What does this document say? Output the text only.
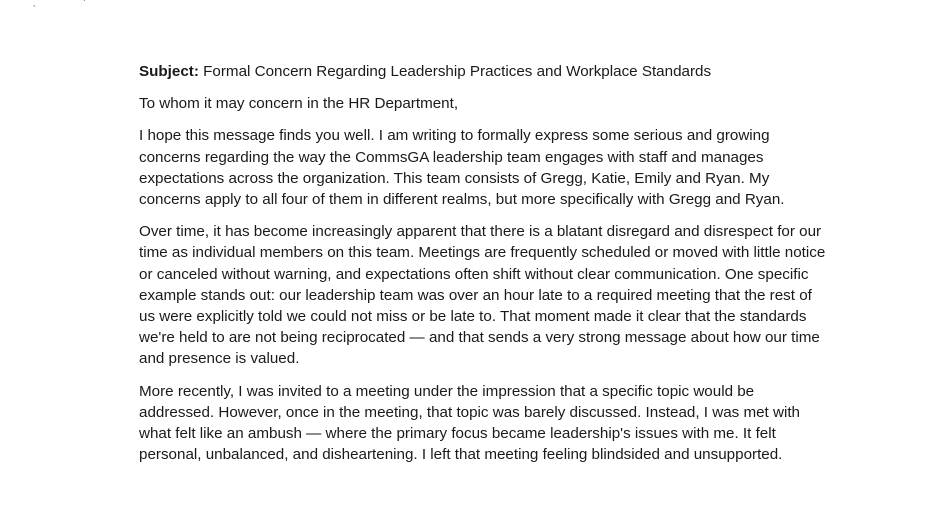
,	`

Subject: Formal Concern Regarding Leadership Practices and Workplace Standards

To whom it may concern in the HR Department,

I hope this message finds you well. I am writing to formally express some serious and growing concerns regarding the way the CommsGA leadership team engages with staff and manages expectations across the organization. This team consists of Gregg, Katie, Emily and Ryan. My concerns apply to all four of them in different realms, but more specifically with Gregg and Ryan.

Over time, it has become increasingly apparent that there is a blatant disregard and disrespect for our time as individual members on this team. Meetings are frequently scheduled or moved with little notice or canceled without warning, and expectations often shift without clear communication. One specific example stands out: our leadership team was over an hour late to a required meeting that the rest of us were explicitly told we could not miss or be late to. That moment made it clear that the standards we're held to are not being reciprocated — and that sends a very strong message about how our time and presence is valued.

More recently, I was invited to a meeting under the impression that a specific topic would be addressed. However, once in the meeting, that topic was barely discussed. Instead, I was met with what felt like an ambush — where the primary focus became leadership's issues with me. It felt personal, unbalanced, and disheartening. I left that meeting feeling blindsided and unsupported.
